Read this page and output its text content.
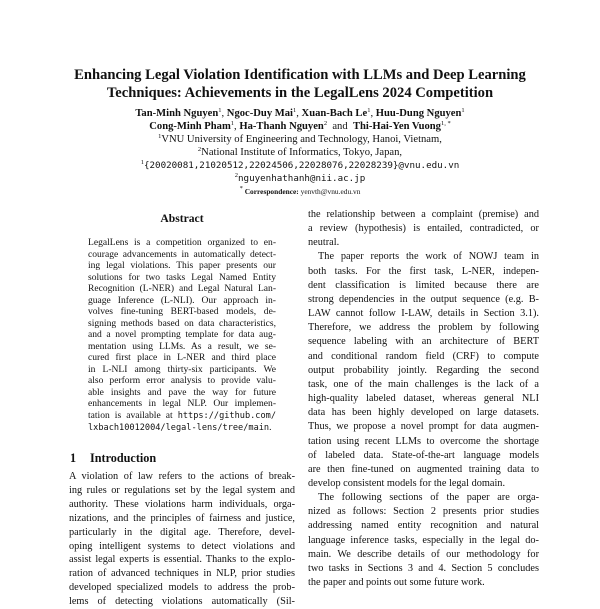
Enhancing Legal Violation Identification with LLMs and Deep Learning
Techniques: Achievements in the LegalLens 2024 Competition
Tan-Minh Nguyen$^1$, Ngoc-Duy Mai$^1$, Xuan-Bach Le$^1$, Huu-Dung Nguyen$^1$
Cong-Minh Pham$^1$, Ha-Thanh Nguyen$^2$ and Thi-Hai-Yen Vuong$^{1, *}$
$^1$VNU University of Engineering and Technology, Hanoi, Vietnam,
$^2$National Institute of Informatics, Tokyo, Japan,
$^1${20020081,21020512,22024506,22028076,22028239}@vnu.edu.vn
$^2$nguyenhathanh@nii.ac.jp
* Correspondence: yenvth@vnu.edu.vn
Abstract
LegalLens is a competition organized to en-
courage advancements in automatically detect-
ing legal violations. This paper presents our
solutions for two tasks Legal Named Entity
Recognition (L-NER) and Legal Natural Lan-
guage Inference (L-NLI). Our approach in-
volves fine-tuning BERT-based models, de-
signing methods based on data characteristics,
and a novel prompting template for data aug-
mentation using LLMs. As a result, we se-
cured first place in L-NER and third place
in L-NLI among thirty-six participants. We
also perform error analysis to provide valu-
able insights and pave the way for future
enhancements in legal NLP. Our implemen-
tation is available at https://github.com/
lxbach10012004/legal-lens/tree/main.
1 Introduction
A violation of law refers to the actions of break-
ing rules or regulations set by the legal system and
authority. These violations harm individuals, orga-
nizations, and the principles of fairness and justice,
particularly in the digital age. Therefore, devel-
oping intelligent systems to detect violations and
assist legal experts is essential. Thanks to the explo-
ration of advanced techniques in NLP, prior studies
developed specialized models to address the prob-
lems of detecting violations automatically (Sil-
the relationship between a complaint (premise) and
a review (hypothesis) is entailed, contradicted, or
neutral.
The paper reports the work of NOWJ team in
both tasks. For the first task, L-NER, indepen-
dent classification is limited because there are
strong dependencies in the output sequence (e.g. B-
LAW cannot follow I-LAW, details in Section 3.1).
Therefore, we address the problem by following
sequence labeling with an architecture of BERT
and conditional random field (CRF) to compute
output probability jointly. Regarding the second
task, one of the main challenges is the lack of a
high-quality labeled dataset, whereas general NLI
data has been highly developed on large datasets.
Thus, we propose a novel prompt for data augmen-
tation using recent LLMs to overcome the shortage
of labeled data. State-of-the-art language models
are then fine-tuned on augmented training data to
develop consistent models for the legal domain.
The following sections of the paper are orga-
nized as follows: Section 2 presents prior studies
addressing named entity recognition and natural
language inference tasks, especially in the legal do-
main. We describe details of our methodology for
two tasks in Sections 3 and 4. Section 5 concludes
the paper and points out some future work.
